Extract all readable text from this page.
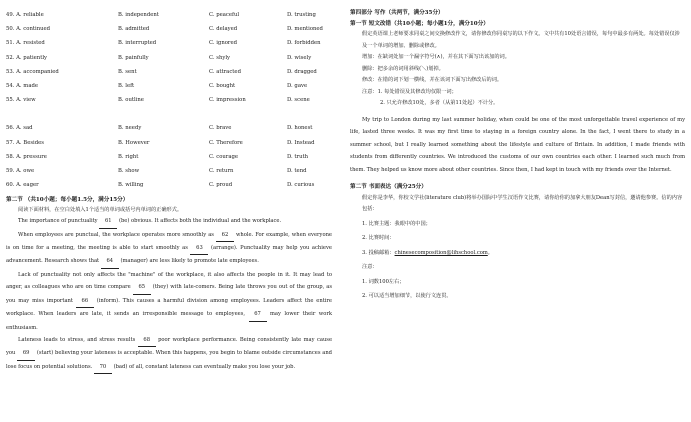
49. A. reliable	B. independent	C. peaceful	D. trusting
50. A. continued	B. admitted	C. delayed	D. mentioned
51. A. resisted	B. interrupted	C. ignored	D. forbidden
52. A. patiently	B. painfully	C. shyly	D. wisely
53. A. accompanied	B. sent	C. attracted	D. dragged
54. A. made	B. left	C. bought	D. gave
55. A. view	B. outline	C. impression	D. scene
56. A. sad	B. needy	C. brave	D. honest
57. A. Besides	B. However	C. Therefore	D. Instead
58. A. pressure	B. right	C. courage	D. truth
59. A. owe	B. show	C. return	D. tend
60. A. eager	B. willing	C. proud	D. curious
第二节 （共10小题；每小题1.5分，满分15分）
阅读下面材料，在空白处填入1个适当的单词或括号内单词的正确形式。

The importance of punctuality 61 (be) obvious. It affects both the individual and the workplace.

When employees are punctual, the workplace operates more smoothly as 62 whole. For example, when everyone is on time for a meeting, the meeting is able to start smoothly as 63 (arrange). Punctuality may help you achieve advancement. Research shows that 64 (manager) are less likely to promote late employees.

Lack of punctuality not only affects the "machine" of the workplace, it also affects the people in it. It may lead to anger, as colleagues who are on time compare 65 (they) with late-comers. Being late throws you out of the group, as you may miss important 66 (inform). This causes a harmful division among employees. Leaders affect the entire workplace. When leaders are late, it sends an irresponsible message to employees, 67 may lower their work enthusiasm.

Lateness leads to stress, and stress results 68 poor workplace performance. Being consistently late may cause you 69 (start) believing your lateness is acceptable. When this happens, you begin to blame outside circumstances and lose focus on potential solutions. 70 (bad) of all, constant lateness can eventually make you lose your job.

第四部分 写作（共两节，满分35分）
第一节 短文改错（共10小题；每小题1分，满分10分）
假定英语课上老师要求同桌之间交换修改作文，请你修改你同桌写的以下作文。文中共有10处语言错误，每句中最多有两处。每处错误仅涉及一个单词的增加、删除或修改。
增加：在缺词处加一个漏字符号(∧)，并在其下面写出该加的词。
删除：把多余的词用斜线(＼)划掉。
修改：在错的词下划一横线，并在该词下面写出修改后的词。
注意：1. 每处错误及其修改均仅限一词；
2. 只允许修改10处，多者（从第11处起）不计分。

My trip to London during my last summer holiday, when could be one of the most unforgettable travel experience of my life, lasted three weeks. It was my first time to staying in a foreign country alone. In the fact, I went there to study in a summer school, but I really learned something about the lifestyle and culture of Britain. In addition, I made friends with students from differently countries. We introduced the customs of our own countries each other. I learned such much from them. They helped us know more about other countries. Since then, I had kept in touch with my friends over the Internet.

第二节 书面表达（满分25分）
假定你是李华，你校文学社(literature club)将举办国际中学生汉语作文比赛，请你给你的加拿大朋友Dean写封信，邀请他参赛。信的内容包括：
1. 比赛主题：我眼中的中国；
2. 比赛时间：
3. 投稿邮箱：chinesecomposition@lihschool.com。
注意：
1. 词数100左右；
2. 可以适当增加细节，以使行文连贯。
